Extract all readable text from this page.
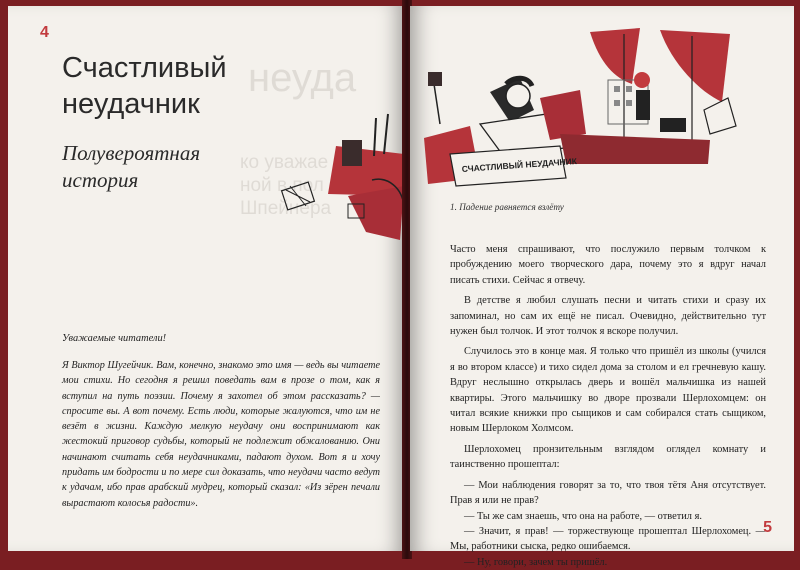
4
неуда
ко уважае
ной в пол
Шпейнера
Счастливый
неудачник
Полувероятная
история
Уважаемые читатели!
Я Виктор Шугейчик. Вам, конечно, знакомо это имя — ведь вы читаете мои стихи. Но сегодня я решил поведать вам в прозе о том, как я вступил на путь поэзии. Почему я захотел об этом рассказать? — спросите вы. А вот почему. Есть люди, которые жалуются, что им не везёт в жизни. Каждую мелкую неудачу они воспринимают как жестокий приговор судьбы, который не подлежит обжалованию. Они начинают считать себя неудачниками, падают духом. Вот я и хочу придать им бодрости и по мере сил доказать, что неудачи часто ведут к удачам, ибо прав арабский мудрец, который сказал: «Из зёрен печали вырастают колосья радости».
СЧАСТЛИВЫЙ НЕУДАЧНИК
1. Падение равняется взлёту

Часто меня спрашивают, что послужило первым толчком к пробуждению моего творческого дара, почему это я вдруг начал писать стихи. Сейчас я отвечу.

В детстве я любил слушать песни и читать стихи и сразу их запоминал, но сам их ещё не писал. Очевидно, действительно тут нужен был толчок. И этот толчок я вскоре получил.

Случилось это в конце мая. Я только что пришёл из школы (учился я во втором классе) и тихо сидел дома за столом и ел гречневую кашу. Вдруг неслышно открылась дверь и вошёл мальчишка из нашей квартиры. Этого мальчишку во дворе прозвали Шерлохомцем: он читал всякие книжки про сыщиков и сам собирался стать сыщиком, новым Шерлоком Холмсом.

Шерлохомец пронзительным взглядом оглядел комнату и таинственно прошептал:

— Мои наблюдения говорят за то, что твоя тётя Аня отсутствует. Прав я или не прав?

— Ты же сам знаешь, что она на работе, — ответил я.

— Значит, я прав! — торжествующе прошептал Шерлохомец. — Мы, работники сыска, редко ошибаемся.

— Ну, говори, зачем ты пришёл.

5
